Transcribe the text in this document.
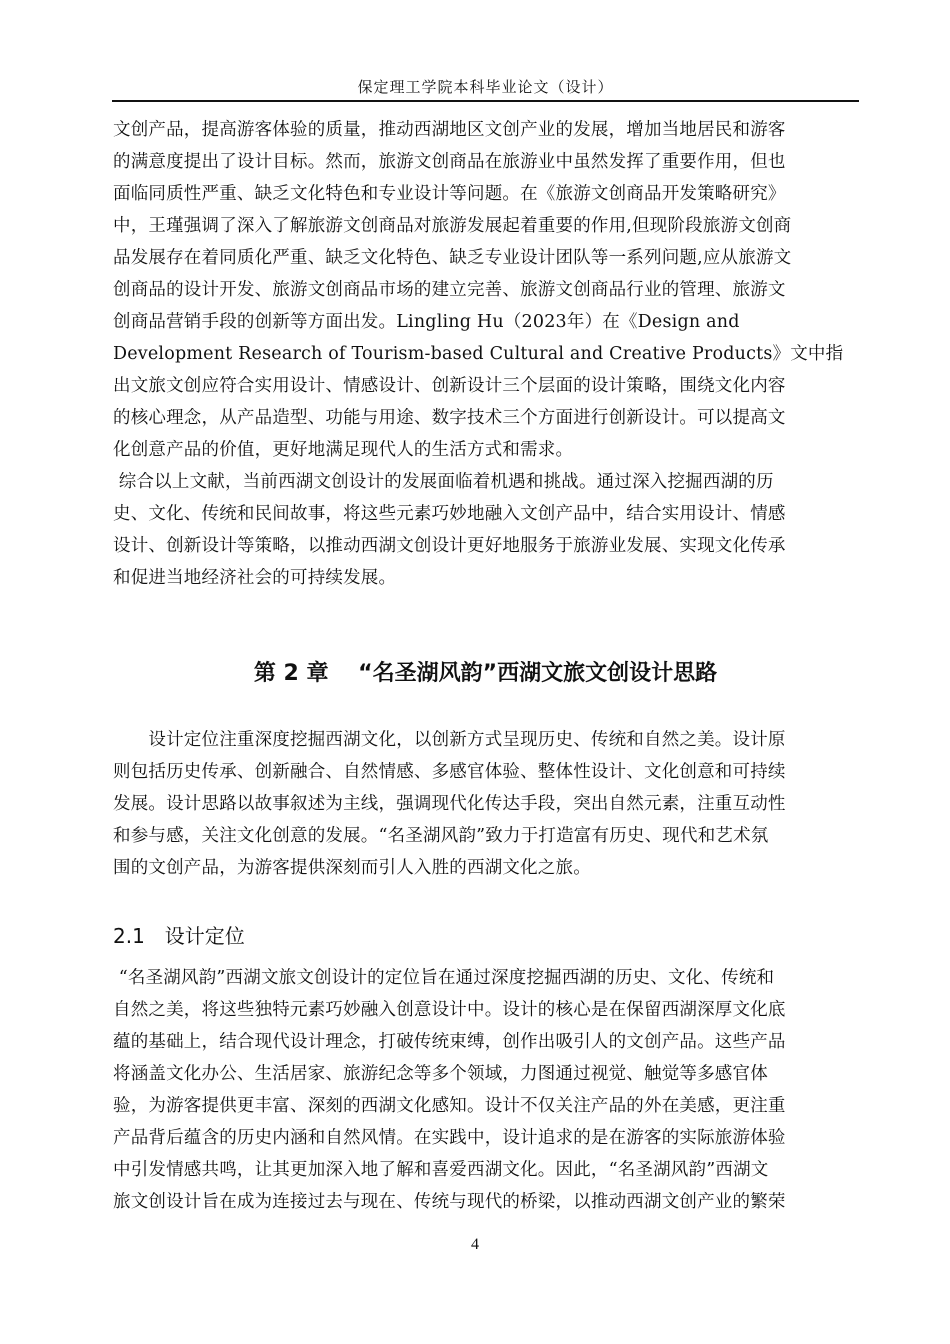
保定理工学院本科毕业论文（设计）

文创产品，提高游客体验的质量，推动西湖地区文创产业的发展，增加当地居民和游客

的满意度提出了设计目标。然而，旅游文创商品在旅游业中虽然发挥了重要作用，但也

面临同质性严重、缺乏文化特色和专业设计等问题。在《旅游文创商品开发策略研究》

中，王瑾强调了深入了解旅游文创商品对旅游发展起着重要的作用,但现阶段旅游文创商

品发展存在着同质化严重、缺乏文化特色、缺乏专业设计团队等一系列问题,应从旅游文

创商品的设计开发、旅游文创商品市场的建立完善、旅游文创商品行业的管理、旅游文

创商品营销手段的创新等方面出发。Lingling Hu（2023年）在《Design and

Development Research of Tourism-based Cultural and Creative Products》文中指

出文旅文创应符合实用设计、情感设计、创新设计三个层面的设计策略，围绕文化内容

的核心理念，从产品造型、功能与用途、数字技术三个方面进行创新设计。可以提高文

化创意产品的价值，更好地满足现代人的生活方式和需求。

综合以上文献，当前西湖文创设计的发展面临着机遇和挑战。通过深入挖掘西湖的历

史、文化、传统和民间故事，将这些元素巧妙地融入文创产品中，结合实用设计、情感

设计、创新设计等策略，以推动西湖文创设计更好地服务于旅游业发展、实现文化传承

和促进当地经济社会的可持续发展。

第 2 章　 “名圣湖风韵”西湖文旅文创设计思路

　　设计定位注重深度挖掘西湖文化，以创新方式呈现历史、传统和自然之美。设计原

则包括历史传承、创新融合、自然情感、多感官体验、整体性设计、文化创意和可持续

发展。设计思路以故事叙述为主线，强调现代化传达手段，突出自然元素，注重互动性

和参与感，关注文化创意的发展。“名圣湖风韵”致力于打造富有历史、现代和艺术氛

围的文创产品，为游客提供深刻而引人入胜的西湖文化之旅。

2.1　设计定位

“名圣湖风韵”西湖文旅文创设计的定位旨在通过深度挖掘西湖的历史、文化、传统和

自然之美，将这些独特元素巧妙融入创意设计中。设计的核心是在保留西湖深厚文化底

蕴的基础上，结合现代设计理念，打破传统束缚，创作出吸引人的文创产品。这些产品

将涵盖文化办公、生活居家、旅游纪念等多个领域，力图通过视觉、触觉等多感官体

验，为游客提供更丰富、深刻的西湖文化感知。设计不仅关注产品的外在美感，更注重

产品背后蕴含的历史内涵和自然风情。在实践中，设计追求的是在游客的实际旅游体验

中引发情感共鸣，让其更加深入地了解和喜爱西湖文化。因此，“名圣湖风韵”西湖文

旅文创设计旨在成为连接过去与现在、传统与现代的桥梁，以推动西湖文创产业的繁荣

4
